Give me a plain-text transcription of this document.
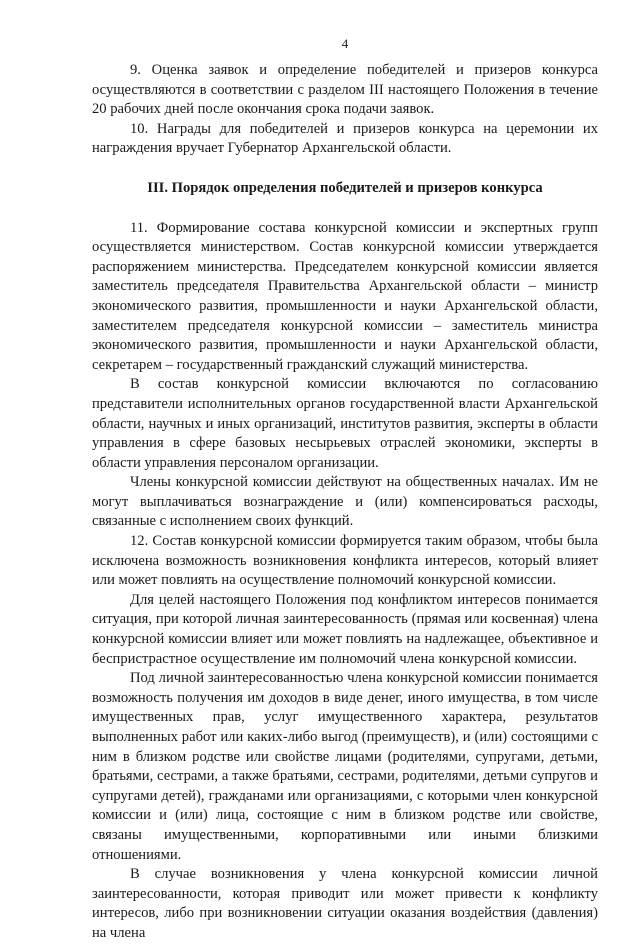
4

9. Оценка заявок и определение победителей и призеров конкурса осуществляются в соответствии с разделом III настоящего Положения в течение 20 рабочих дней после окончания срока подачи заявок.

10. Награды для победителей и призеров конкурса на церемонии их награждения вручает Губернатор Архангельской области.

III. Порядок определения победителей и призеров конкурса

11. Формирование состава конкурсной комиссии и экспертных групп осуществляется министерством. Состав конкурсной комиссии утверждается распоряжением министерства. Председателем конкурсной комиссии является заместитель председателя Правительства Архангельской области – министр экономического развития, промышленности и науки Архангельской области, заместителем председателя конкурсной комиссии – заместитель министра экономического развития, промышленности и науки Архангельской области, секретарем – государственный гражданский служащий министерства.

В состав конкурсной комиссии включаются по согласованию представители исполнительных органов государственной власти Архангельской области, научных и иных организаций, институтов развития, эксперты в области управления в сфере базовых несырьевых отраслей экономики, эксперты в области управления персоналом организации.

Члены конкурсной комиссии действуют на общественных началах. Им не могут выплачиваться вознаграждение и (или) компенсироваться расходы, связанные с исполнением своих функций.

12. Состав конкурсной комиссии формируется таким образом, чтобы была исключена возможность возникновения конфликта интересов, который влияет или может повлиять на осуществление полномочий конкурсной комиссии.

Для целей настоящего Положения под конфликтом интересов понимается ситуация, при которой личная заинтересованность (прямая или косвенная) члена конкурсной комиссии влияет или может повлиять на надлежащее, объективное и беспристрастное осуществление им полномочий члена конкурсной комиссии.

Под личной заинтересованностью члена конкурсной комиссии понимается возможность получения им доходов в виде денег, иного имущества, в том числе имущественных прав, услуг имущественного характера, результатов выполненных работ или каких-либо выгод (преимуществ), и (или) состоящими с ним в близком родстве или свойстве лицами (родителями, супругами, детьми, братьями, сестрами, а также братьями, сестрами, родителями, детьми супругов и супругами детей), гражданами или организациями, с которыми член конкурсной комиссии и (или) лица, состоящие с ним в близком родстве или свойстве, связаны имущественными, корпоративными или иными близкими отношениями.

В случае возникновения у члена конкурсной комиссии личной заинтересованности, которая приводит или может привести к конфликту интересов, либо при возникновении ситуации оказания воздействия (давления) на члена
